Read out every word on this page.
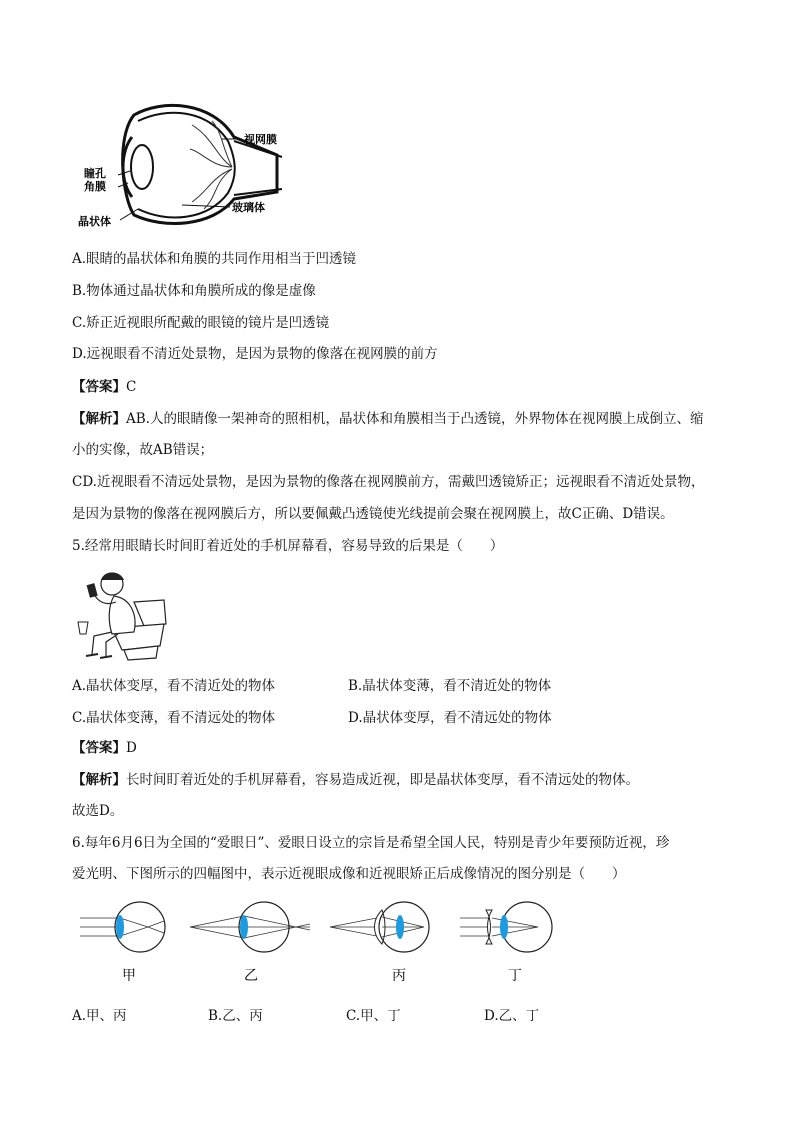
视网膜
瞳孔
角膜
玻璃体
晶状体
A.眼睛的晶状体和角膜的共同作用相当于凹透镜
B.物体通过晶状体和角膜所成的像是虚像
C.矫正近视眼所配戴的眼镜的镜片是凹透镜
D.远视眼看不清近处景物，是因为景物的像落在视网膜的前方
【答案】C
【解析】AB.人的眼睛像一架神奇的照相机，晶状体和角膜相当于凸透镜，外界物体在视网膜上成倒立、缩
小的实像，故AB错误；
CD.近视眼看不清远处景物，是因为景物的像落在视网膜前方，需戴凹透镜矫正；远视眼看不清近处景物，
是因为景物的像落在视网膜后方，所以要佩戴凸透镜使光线提前会聚在视网膜上，故C正确、D错误。
5.经常用眼睛长时间盯着近处的手机屏幕看，容易导致的后果是（　　）
A.晶状体变厚，看不清近处的物体	B.晶状体变薄，看不清近处的物体
C.晶状体变薄，看不清远处的物体	D.晶状体变厚，看不清远处的物体
【答案】D
【解析】长时间盯着近处的手机屏幕看，容易造成近视，即是晶状体变厚，看不清远处的物体。
故选D。
6.每年6月6日为全国的“爱眼日”、爱眼日设立的宗旨是希望全国人民，特别是青少年要预防近视，珍
爱光明、下图所示的四幅图中，表示近视眼成像和近视眼矫正后成像情况的图分别是（　　）
甲	乙	丙	丁
A.甲、丙	B.乙、丙	C.甲、丁	D.乙、丁
